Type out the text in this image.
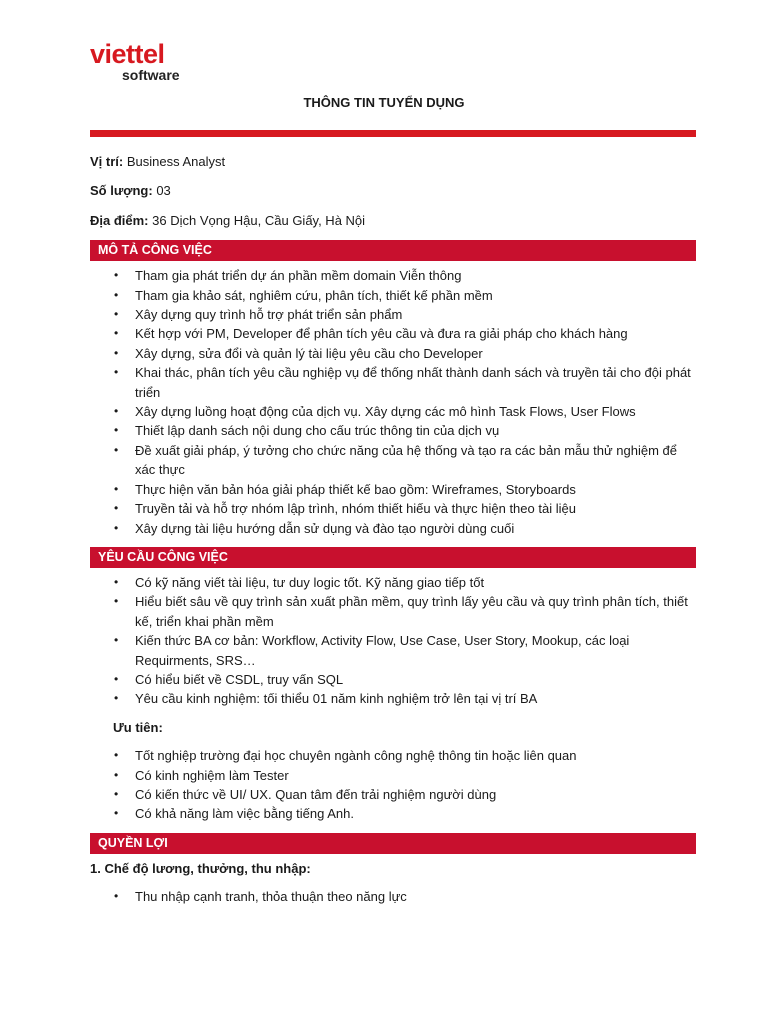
viettel
software
THÔNG TIN TUYỂN DỤNG
Vị trí: Business Analyst
Số lượng: 03
Địa điểm: 36 Dịch Vọng Hậu, Cầu Giấy, Hà Nội
MÔ TẢ CÔNG VIỆC
• Tham gia phát triển dự án phần mềm domain Viễn thông
• Tham gia khảo sát, nghiêm cứu, phân tích, thiết kế phần mềm
• Xây dựng quy trình hỗ trợ phát triển sản phẩm
• Kết hợp với PM, Developer để phân tích yêu cầu và đưa ra giải pháp cho khách hàng
• Xây dựng, sửa đổi và quản lý tài liệu yêu cầu cho Developer
• Khai thác, phân tích yêu cầu nghiệp vụ để thống nhất thành danh sách và truyền tải cho đội phát triển
• Xây dựng luồng hoạt động của dịch vụ. Xây dựng các mô hình Task Flows, User Flows
• Thiết lập danh sách nội dung cho cấu trúc thông tin của dịch vụ
• Đề xuất giải pháp, ý tưởng cho chức năng của hệ thống và tạo ra các bản mẫu thử nghiệm để xác thực
• Thực hiện văn bản hóa giải pháp thiết kế bao gồm: Wireframes, Storyboards
• Truyền tải và hỗ trợ nhóm lập trình, nhóm thiết hiếu và thực hiện theo tài liệu
• Xây dựng tài liệu hướng dẫn sử dụng và đào tạo người dùng cuối
YÊU CẦU CÔNG VIỆC
• Có kỹ năng viết tài liệu, tư duy logic tốt. Kỹ năng giao tiếp tốt
• Hiểu biết sâu về quy trình sản xuất phần mềm, quy trình lấy yêu cầu và quy trình phân tích, thiết kế, triển khai phần mềm
• Kiến thức BA cơ bản: Workflow, Activity Flow, Use Case, User Story, Mookup, các loại Requirments, SRS…
• Có hiểu biết về CSDL, truy vấn SQL
• Yêu cầu kinh nghiệm: tối thiểu 01 năm kinh nghiệm trở lên tại vị trí BA
Ưu tiên:
• Tốt nghiệp trường đại học chuyên ngành công nghệ thông tin hoặc liên quan
• Có kinh nghiệm làm Tester
• Có kiến thức về UI/ UX. Quan tâm đến trải nghiệm người dùng
• Có khả năng làm việc bằng tiếng Anh.
QUYỀN LỢI
1. Chế độ lương, thưởng, thu nhập:
• Thu nhập cạnh tranh, thỏa thuận theo năng lực
